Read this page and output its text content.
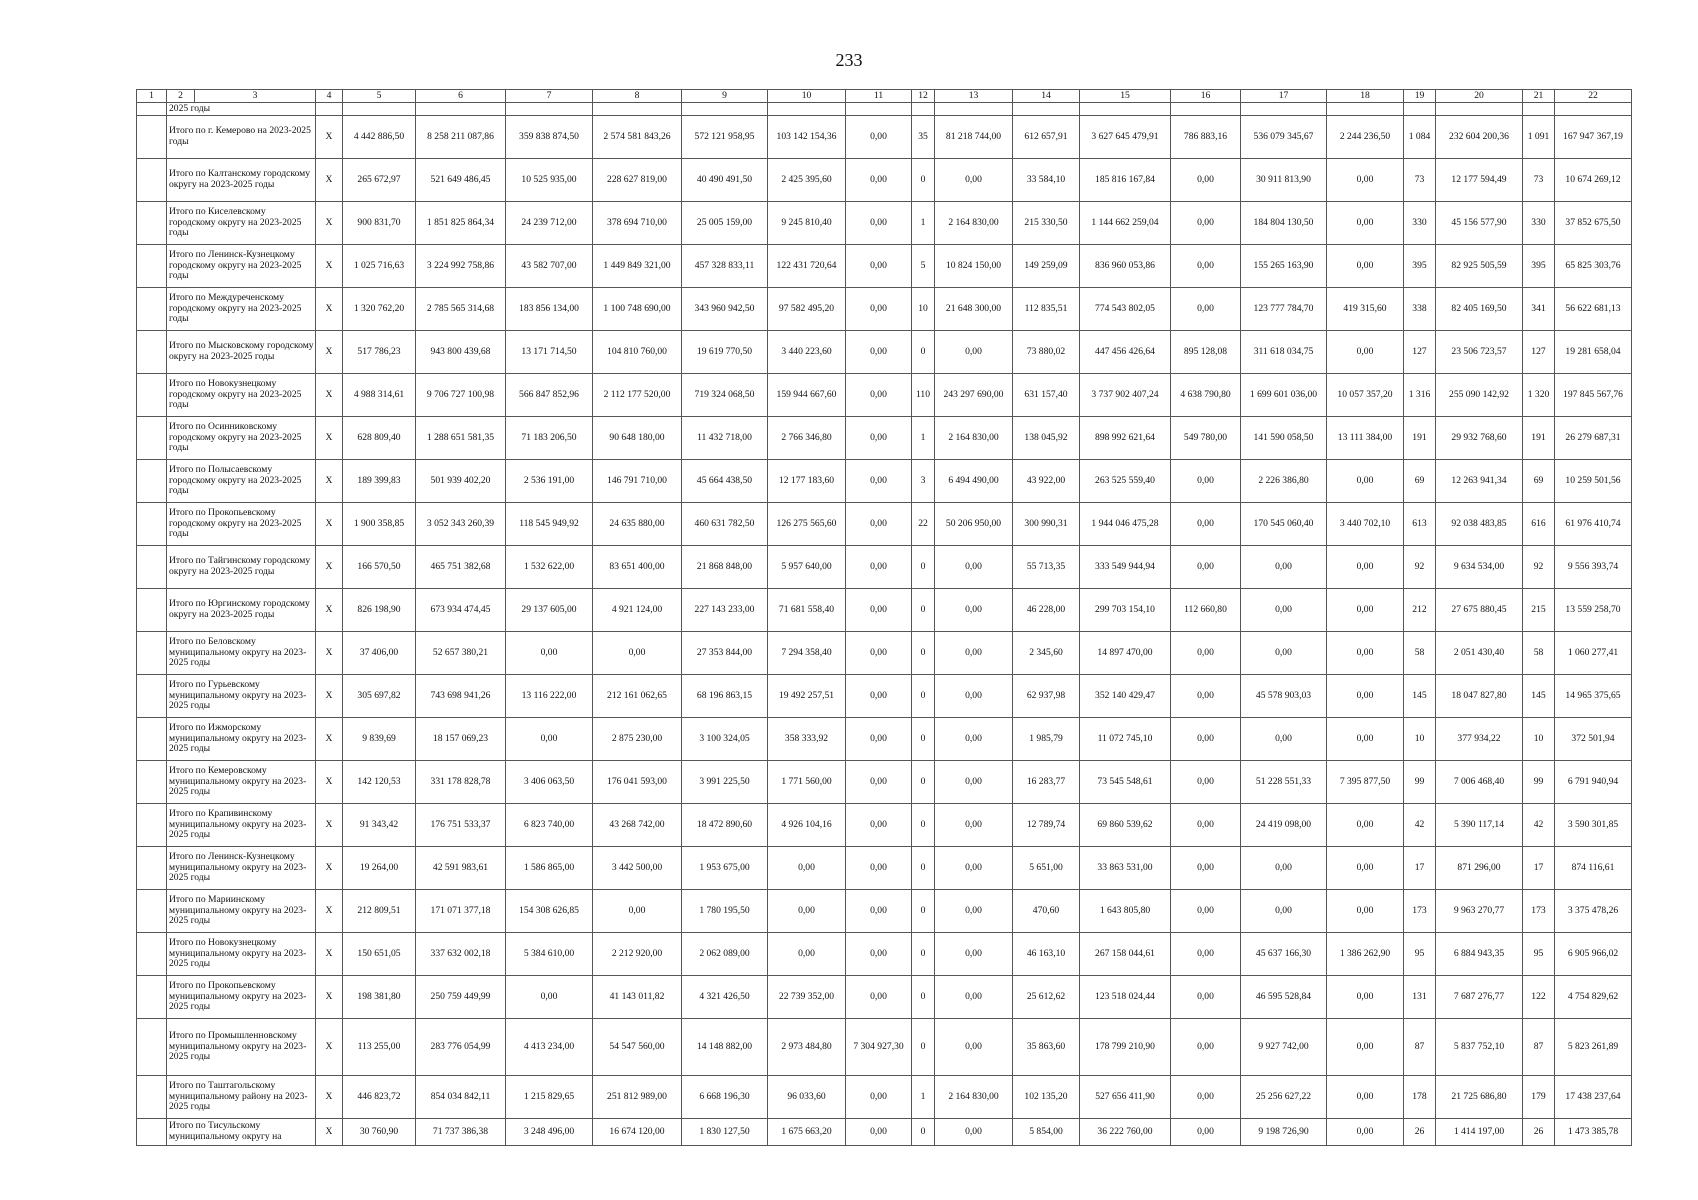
233
1	2	3	4	5	6	7	8	9	10	11	12	13	14	15	16	17	18	19	20	21	22
	2025 годы																				
	Итого по г. Кемерово на 2023-2025 годы		X	4 442 886,50	8 258 211 087,86	359 838 874,50	2 574 581 843,26	572 121 958,95	103 142 154,36	0,00	35	81 218 744,00	612 657,91	3 627 645 479,91	786 883,16	536 079 345,67	2 244 236,50	1 084	232 604 200,36	1 091	167 947 367,19
	Итого по Калтанскому городскому округу на 2023-2025 годы		X	265 672,97	521 649 486,45	10 525 935,00	228 627 819,00	40 490 491,50	2 425 395,60	0,00	0	0,00	33 584,10	185 816 167,84	0,00	30 911 813,90	0,00	73	12 177 594,49	73	10 674 269,12
	Итого по Киселевскому городскому округу на 2023-2025 годы		X	900 831,70	1 851 825 864,34	24 239 712,00	378 694 710,00	25 005 159,00	9 245 810,40	0,00	1	2 164 830,00	215 330,50	1 144 662 259,04	0,00	184 804 130,50	0,00	330	45 156 577,90	330	37 852 675,50
	Итого по Ленинск-Кузнецкому городскому округу на 2023-2025 годы		X	1 025 716,63	3 224 992 758,86	43 582 707,00	1 449 849 321,00	457 328 833,11	122 431 720,64	0,00	5	10 824 150,00	149 259,09	836 960 053,86	0,00	155 265 163,90	0,00	395	82 925 505,59	395	65 825 303,76
	Итого по Междуреченскому городскому округу на 2023-2025 годы		X	1 320 762,20	2 785 565 314,68	183 856 134,00	1 100 748 690,00	343 960 942,50	97 582 495,20	0,00	10	21 648 300,00	112 835,51	774 543 802,05	0,00	123 777 784,70	419 315,60	338	82 405 169,50	341	56 622 681,13
	Итого по Мысковскому городскому округу на 2023-2025 годы		X	517 786,23	943 800 439,68	13 171 714,50	104 810 760,00	19 619 770,50	3 440 223,60	0,00	0	0,00	73 880,02	447 456 426,64	895 128,08	311 618 034,75	0,00	127	23 506 723,57	127	19 281 658,04
	Итого по Новокузнецкому городскому округу на 2023-2025 годы		X	4 988 314,61	9 706 727 100,98	566 847 852,96	2 112 177 520,00	719 324 068,50	159 944 667,60	0,00	110	243 297 690,00	631 157,40	3 737 902 407,24	4 638 790,80	1 699 601 036,00	10 057 357,20	1 316	255 090 142,92	1 320	197 845 567,76
	Итого по Осинниковскому городскому округу на 2023-2025 годы		X	628 809,40	1 288 651 581,35	71 183 206,50	90 648 180,00	11 432 718,00	2 766 346,80	0,00	1	2 164 830,00	138 045,92	898 992 621,64	549 780,00	141 590 058,50	13 111 384,00	191	29 932 768,60	191	26 279 687,31
	Итого по Полысаевскому городскому округу на 2023-2025 годы		X	189 399,83	501 939 402,20	2 536 191,00	146 791 710,00	45 664 438,50	12 177 183,60	0,00	3	6 494 490,00	43 922,00	263 525 559,40	0,00	2 226 386,80	0,00	69	12 263 941,34	69	10 259 501,56
	Итого по Прокопьевскому городскому округу на 2023-2025 годы		X	1 900 358,85	3 052 343 260,39	118 545 949,92	24 635 880,00	460 631 782,50	126 275 565,60	0,00	22	50 206 950,00	300 990,31	1 944 046 475,28	0,00	170 545 060,40	3 440 702,10	613	92 038 483,85	616	61 976 410,74
	Итого по Тайгинскому городскому округу на 2023-2025 годы		X	166 570,50	465 751 382,68	1 532 622,00	83 651 400,00	21 868 848,00	5 957 640,00	0,00	0	0,00	55 713,35	333 549 944,94	0,00	0,00	0,00	92	9 634 534,00	92	9 556 393,74
	Итого по Юргинскому городскому округу на 2023-2025 годы		X	826 198,90	673 934 474,45	29 137 605,00	4 921 124,00	227 143 233,00	71 681 558,40	0,00	0	0,00	46 228,00	299 703 154,10	112 660,80	0,00	0,00	212	27 675 880,45	215	13 559 258,70
	Итого по Беловскому муниципальному округу на 2023-2025 годы		X	37 406,00	52 657 380,21	0,00	0,00	27 353 844,00	7 294 358,40	0,00	0	0,00	2 345,60	14 897 470,00	0,00	0,00	0,00	58	2 051 430,40	58	1 060 277,41
	Итого по Гурьевскому муниципальному округу на 2023-2025 годы		X	305 697,82	743 698 941,26	13 116 222,00	212 161 062,65	68 196 863,15	19 492 257,51	0,00	0	0,00	62 937,98	352 140 429,47	0,00	45 578 903,03	0,00	145	18 047 827,80	145	14 965 375,65
	Итого по Ижморскому муниципальному округу на 2023-2025 годы		X	9 839,69	18 157 069,23	0,00	2 875 230,00	3 100 324,05	358 333,92	0,00	0	0,00	1 985,79	11 072 745,10	0,00	0,00	0,00	10	377 934,22	10	372 501,94
	Итого по Кемеровскому муниципальному округу на 2023-2025 годы		X	142 120,53	331 178 828,78	3 406 063,50	176 041 593,00	3 991 225,50	1 771 560,00	0,00	0	0,00	16 283,77	73 545 548,61	0,00	51 228 551,33	7 395 877,50	99	7 006 468,40	99	6 791 940,94
	Итого по Крапивинскому муниципальному округу на 2023-2025 годы		X	91 343,42	176 751 533,37	6 823 740,00	43 268 742,00	18 472 890,60	4 926 104,16	0,00	0	0,00	12 789,74	69 860 539,62	0,00	24 419 098,00	0,00	42	5 390 117,14	42	3 590 301,85
	Итого по Ленинск-Кузнецкому муниципальному округу на 2023-2025 годы		X	19 264,00	42 591 983,61	1 586 865,00	3 442 500,00	1 953 675,00	0,00	0,00	0	0,00	5 651,00	33 863 531,00	0,00	0,00	0,00	17	871 296,00	17	874 116,61
	Итого по Мариинскому муниципальному округу на 2023-2025 годы		X	212 809,51	171 071 377,18	154 308 626,85	0,00	1 780 195,50	0,00	0,00	0	0,00	470,60	1 643 805,80	0,00	0,00	0,00	173	9 963 270,77	173	3 375 478,26
	Итого по Новокузнецкому муниципальному округу на 2023-2025 годы		X	150 651,05	337 632 002,18	5 384 610,00	2 212 920,00	2 062 089,00	0,00	0,00	0	0,00	46 163,10	267 158 044,61	0,00	45 637 166,30	1 386 262,90	95	6 884 943,35	95	6 905 966,02
	Итого по Прокопьевскому муниципальному округу на 2023-2025 годы		X	198 381,80	250 759 449,99	0,00	41 143 011,82	4 321 426,50	22 739 352,00	0,00	0	0,00	25 612,62	123 518 024,44	0,00	46 595 528,84	0,00	131	7 687 276,77	122	4 754 829,62
	Итого по Промышленновскому муниципальному округу на 2023-2025 годы		X	113 255,00	283 776 054,99	4 413 234,00	54 547 560,00	14 148 882,00	2 973 484,80	7 304 927,30	0	0,00	35 863,60	178 799 210,90	0,00	9 927 742,00	0,00	87	5 837 752,10	87	5 823 261,89
	Итого по Таштагольскому муниципальному району на 2023-2025 годы		X	446 823,72	854 034 842,11	1 215 829,65	251 812 989,00	6 668 196,30	96 033,60	0,00	1	2 164 830,00	102 135,20	527 656 411,90	0,00	25 256 627,22	0,00	178	21 725 686,80	179	17 438 237,64
	Итого по Тисульскому муниципальному округу на		X	30 760,90	71 737 386,38	3 248 496,00	16 674 120,00	1 830 127,50	1 675 663,20	0,00	0	0,00	5 854,00	36 222 760,00	0,00	9 198 726,90	0,00	26	1 414 197,00	26	1 473 385,78
